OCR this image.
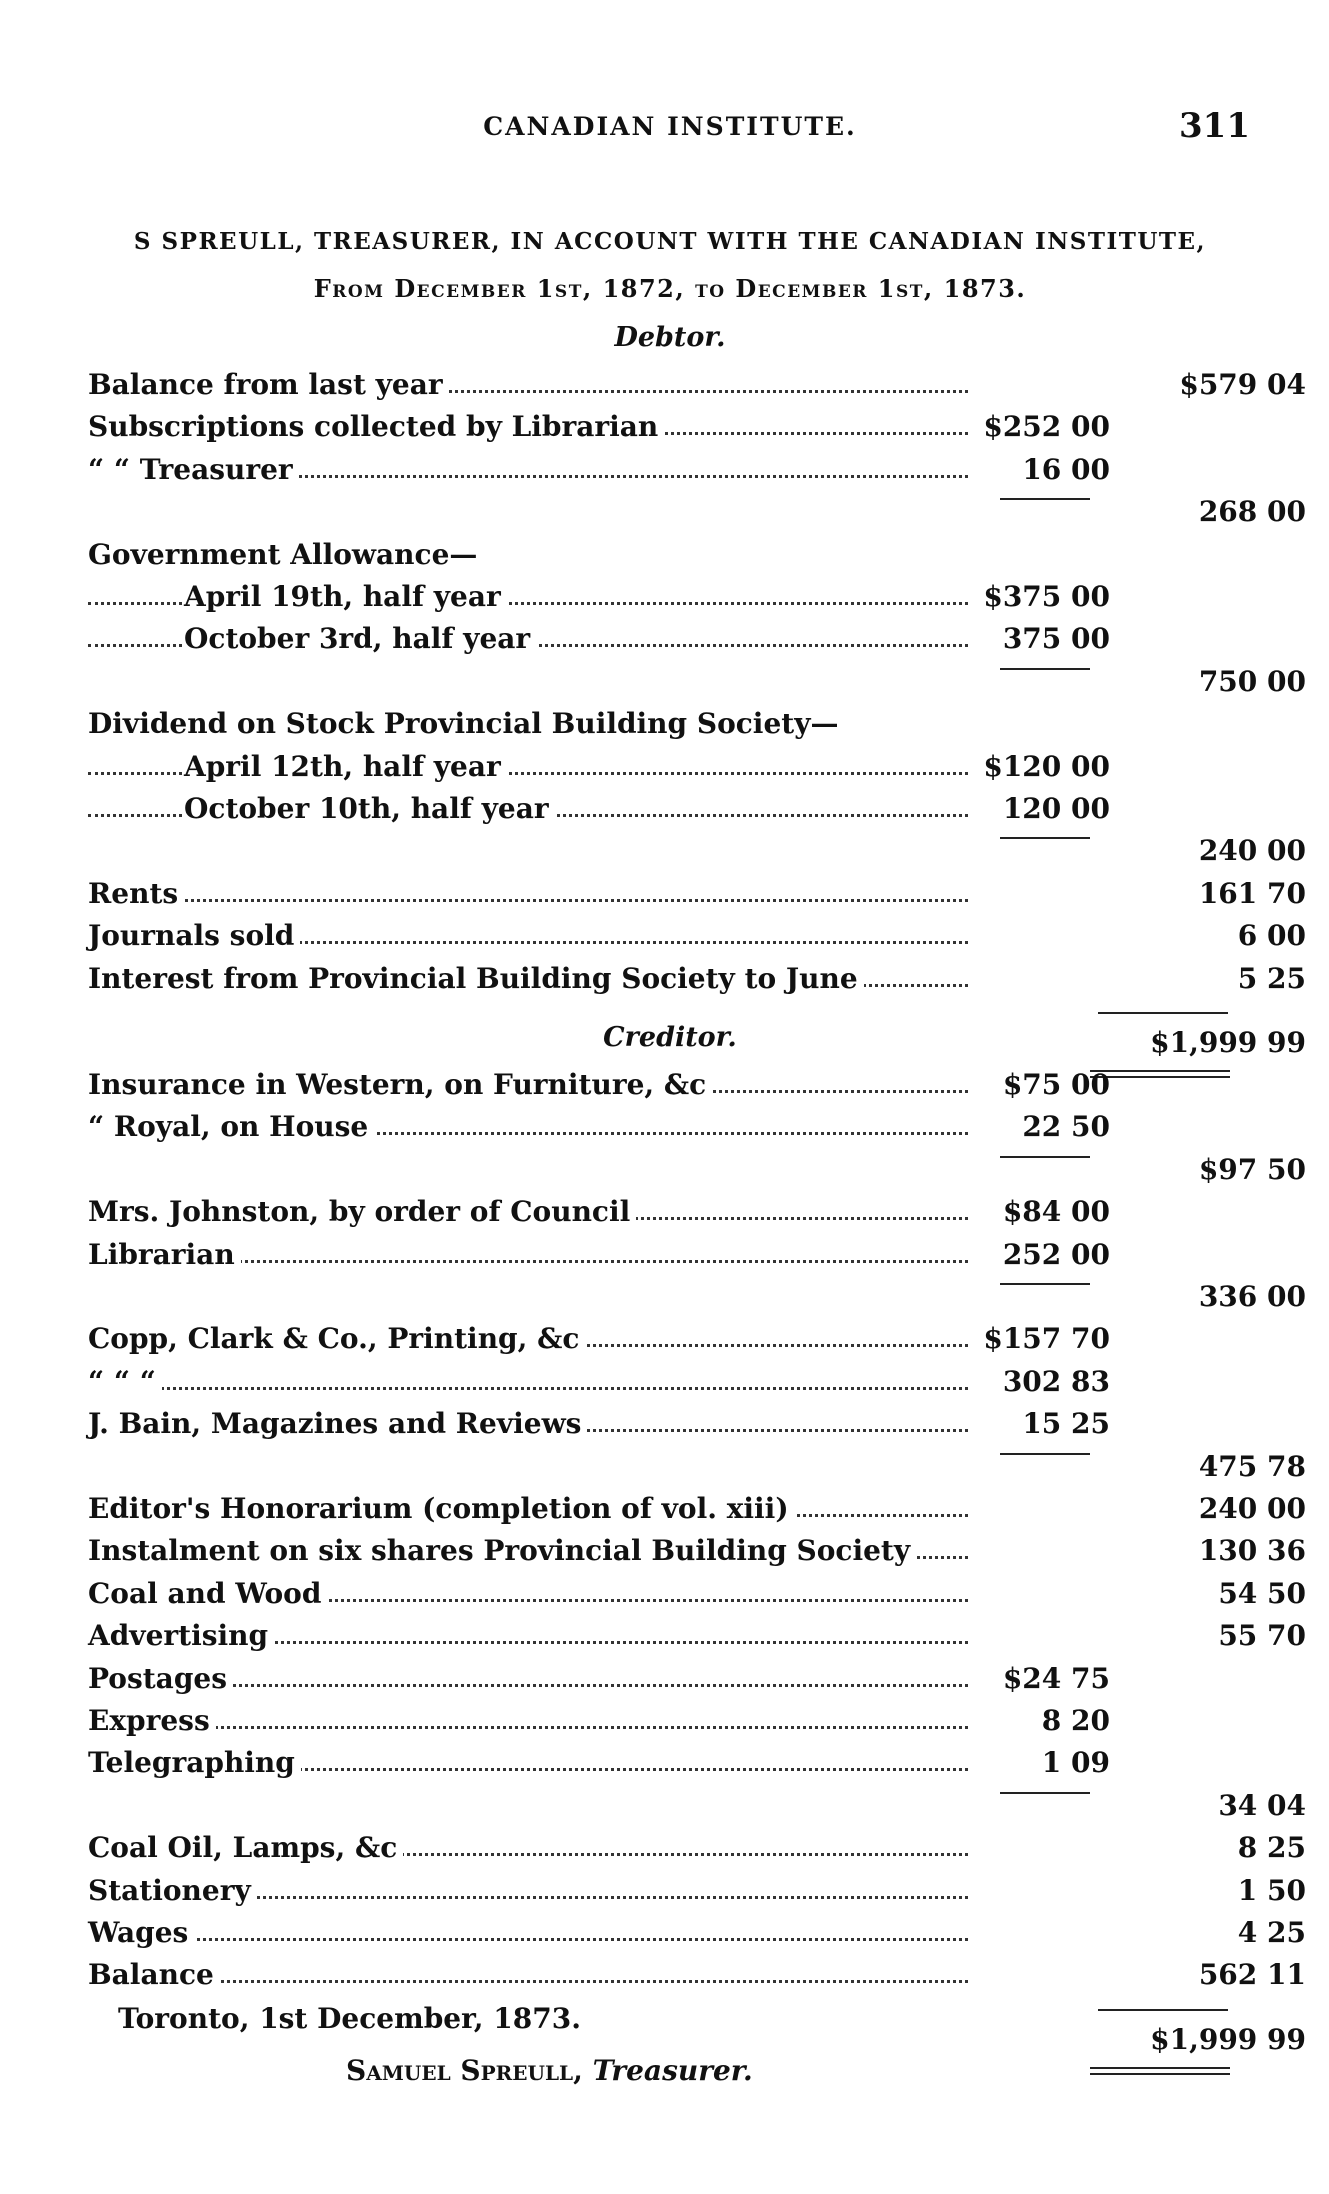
CANADIAN INSTITUTE.	311
S SPREULL, TREASURER, IN ACCOUNT WITH THE CANADIAN INSTITUTE,
From December 1st, 1872, to December 1st, 1873.
Debtor.
Balance from last year	$579 04
Subscriptions collected by Librarian	$252 00
“ “ Treasurer	16 00
268 00
Government Allowance—
April 19th, half year	$375 00
October 3rd, half year	375 00
750 00
Dividend on Stock Provincial Building Society—
April 12th, half year	$120 00
October 10th, half year	120 00
240 00
Rents	161 70
Journals sold	6 00
Interest from Provincial Building Society to June	5 25
$1,999 99
Creditor.
Insurance in Western, on Furniture, &c	$75 00
“ Royal, on House	22 50
$97 50
Mrs. Johnston, by order of Council	$84 00
Librarian	252 00
336 00
Copp, Clark & Co., Printing, &c	$157 70
“ “ “	302 83
J. Bain, Magazines and Reviews	15 25
475 78
Editor's Honorarium (completion of vol. xiii)	240 00
Instalment on six shares Provincial Building Society	130 36
Coal and Wood	54 50
Advertising	55 70
Postages	$24 75
Express	8 20
Telegraphing	1 09
34 04
Coal Oil, Lamps, &c	8 25
Stationery	1 50
Wages	4 25
Balance	562 11
$1,999 99
Toronto, 1st December, 1873.
Samuel Spreull, Treasurer.
